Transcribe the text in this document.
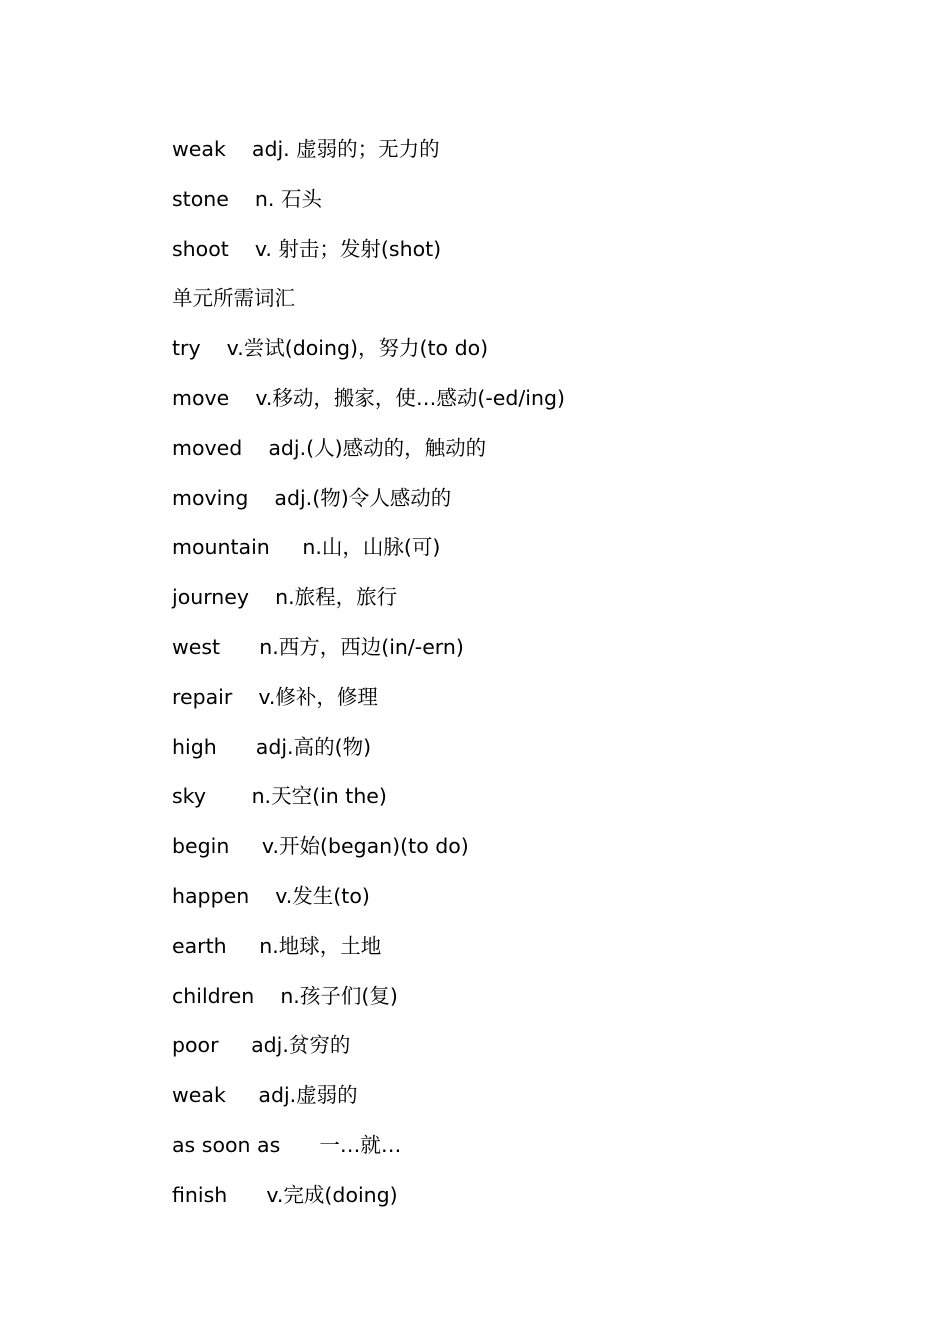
weak    adj. 虚弱的；无力的
stone    n. 石头
shoot    v. 射击；发射(shot)
单元所需词汇
try    v.尝试(doing)，努力(to do)
move    v.移动，搬家，使…感动(-ed/ing)
moved    adj.(人)感动的，触动的
moving    adj.(物)令人感动的
mountain     n.山，山脉(可)
journey    n.旅程，旅行
west      n.西方，西边(in/-ern)
repair    v.修补，修理
high      adj.高的(物)
sky       n.天空(in the)
begin     v.开始(began)(to do)
happen    v.发生(to)
earth     n.地球，土地
children    n.孩子们(复)
poor     adj.贫穷的
weak     adj.虚弱的
as soon as      一…就…
finish      v.完成(doing)
